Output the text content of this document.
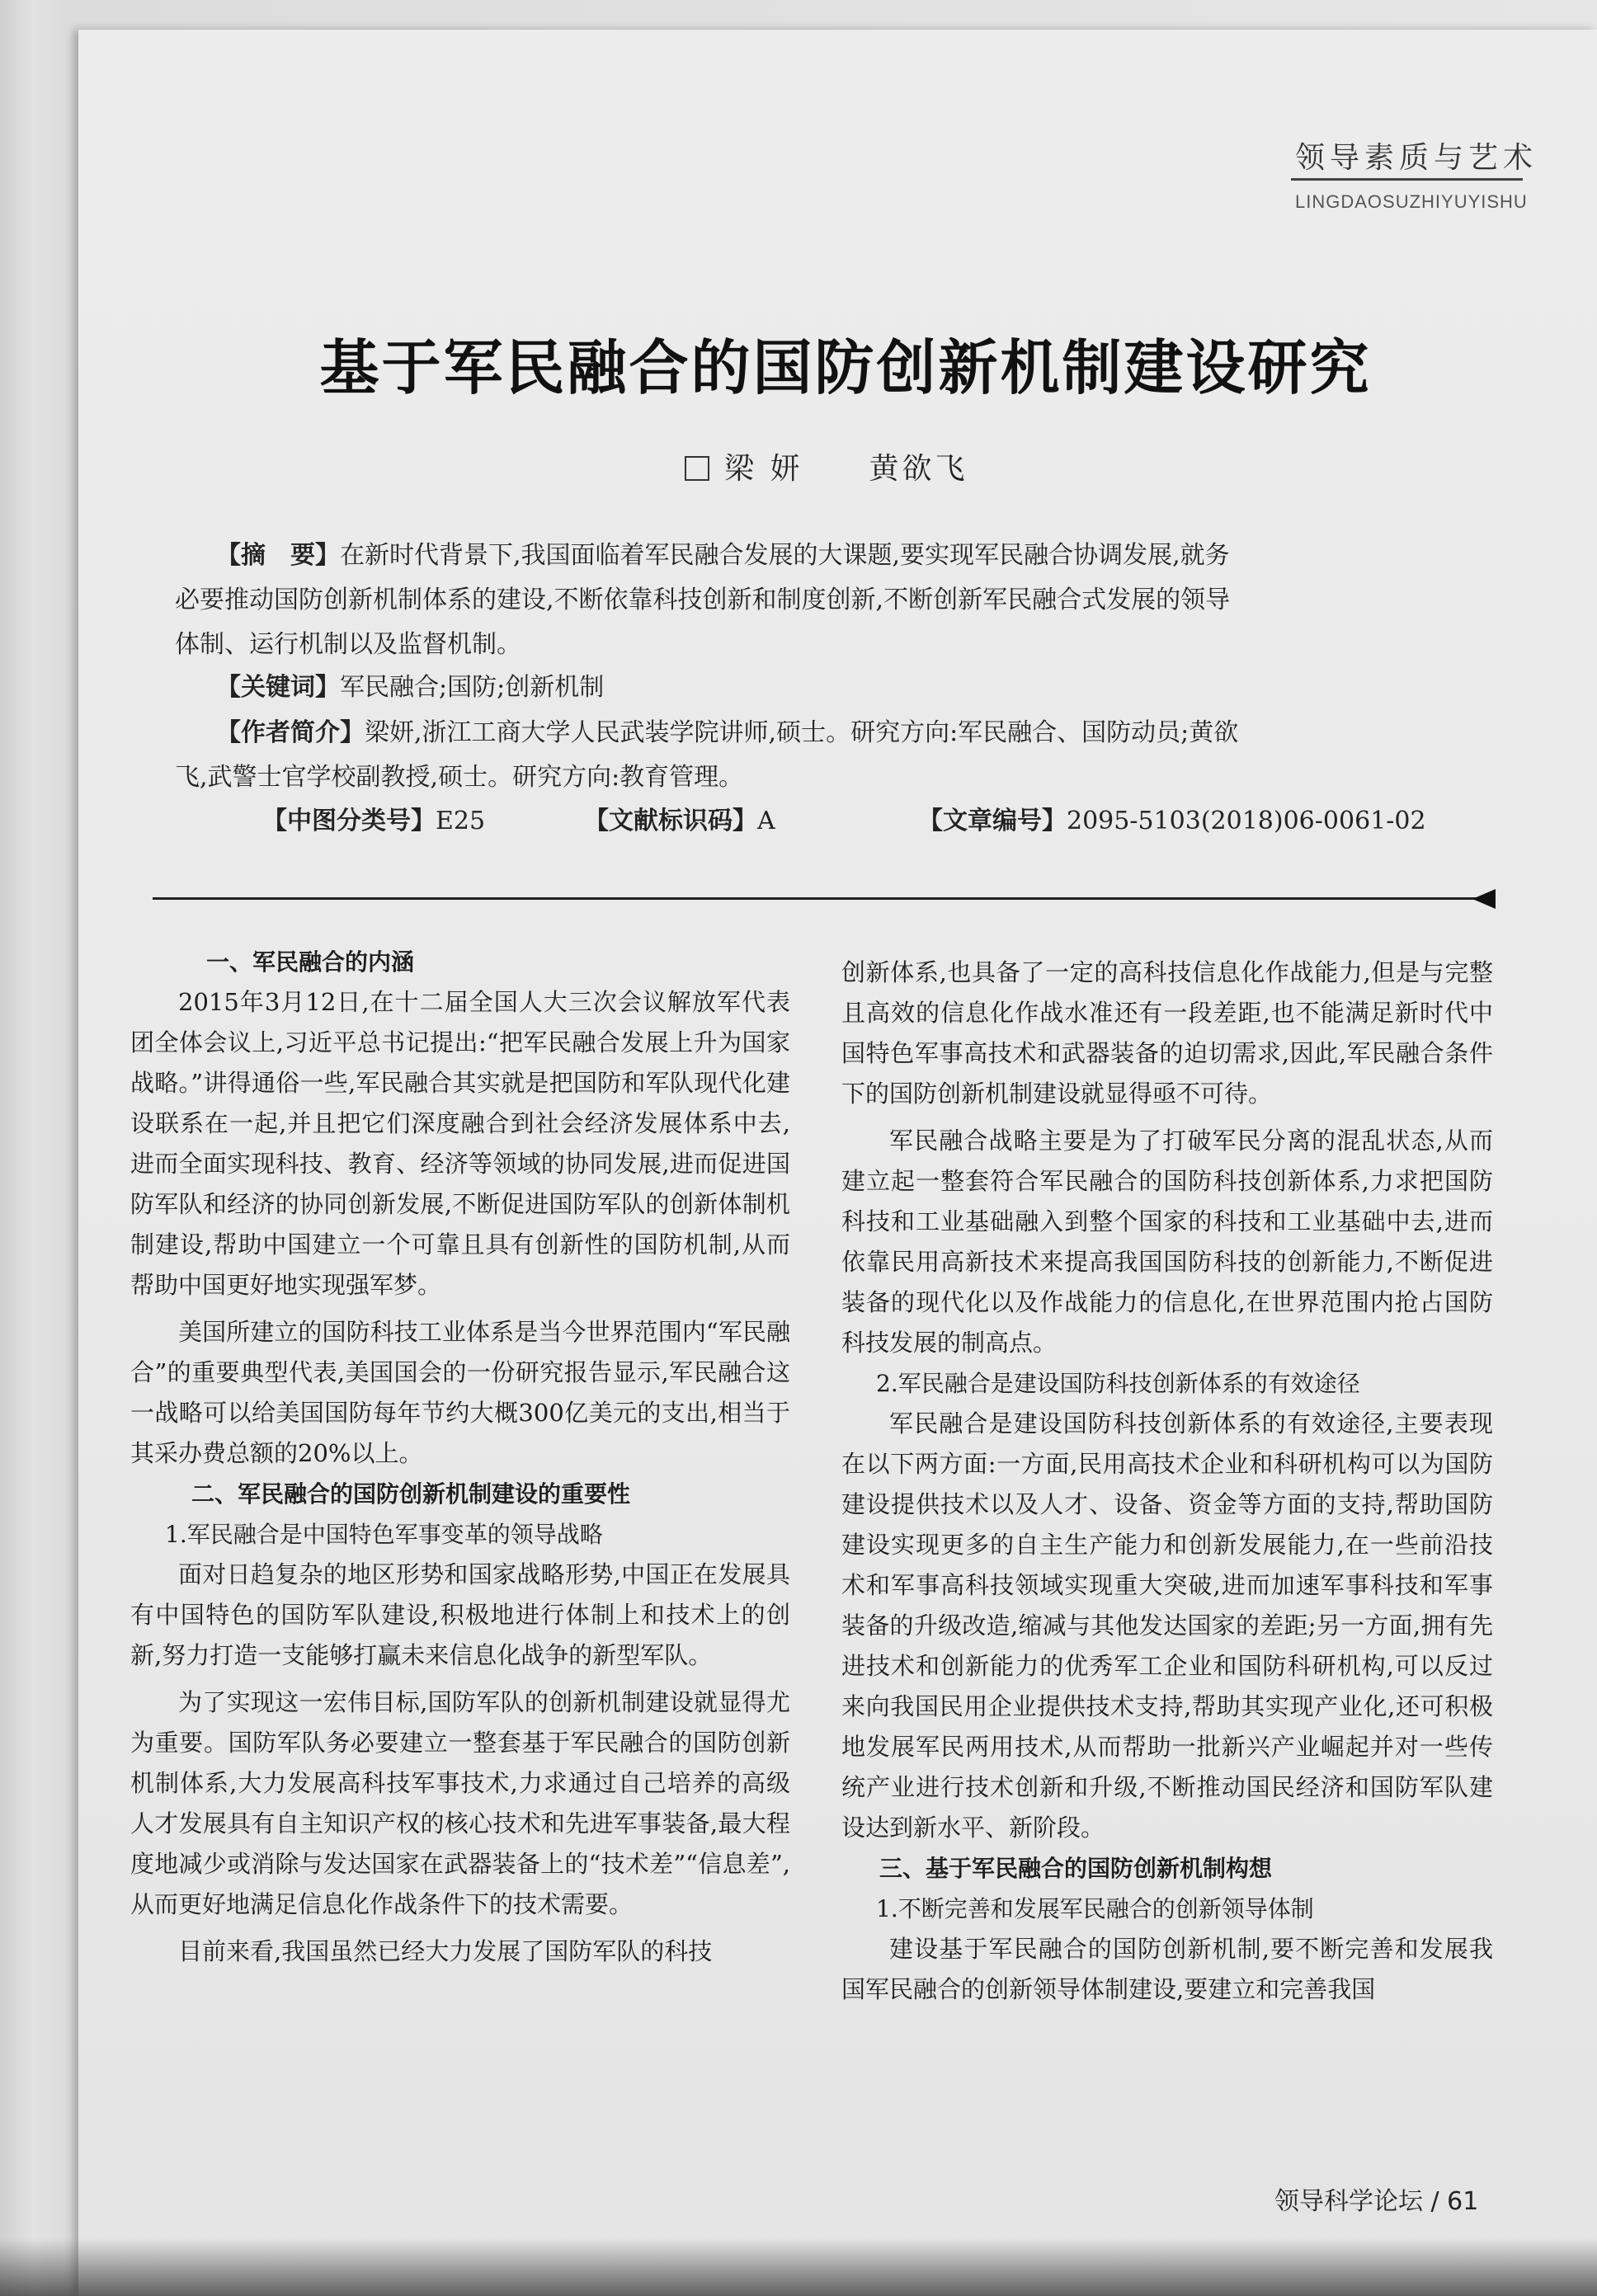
领导素质与艺术
LINGDAOSUZHIYUYISHU
基于军民融合的国防创新机制建设研究
梁 妍 黄欲飞
【摘　要】在新时代背景下,我国面临着军民融合发展的大课题,要实现军民融合协调发展,就务
必要推动国防创新机制体系的建设,不断依靠科技创新和制度创新,不断创新军民融合式发展的领导
体制、运行机制以及监督机制。
【关键词】军民融合;国防;创新机制
【作者简介】梁妍,浙江工商大学人民武装学院讲师,硕士。研究方向:军民融合、国防动员;黄欲
飞,武警士官学校副教授,硕士。研究方向:教育管理。
【中图分类号】E25	【文献标识码】A	【文章编号】2095-5103(2018)06-0061-02
一、军民融合的内涵

2015年3月12日,在十二届全国人大三次会议解放军代表团全体会议上,习近平总书记提出:“把军民融合发展上升为国家战略。”讲得通俗一些,军民融合其实就是把国防和军队现代化建设联系在一起,并且把它们深度融合到社会经济发展体系中去,进而全面实现科技、教育、经济等领域的协同发展,进而促进国防军队和经济的协同创新发展,不断促进国防军队的创新体制机制建设,帮助中国建立一个可靠且具有创新性的国防机制,从而帮助中国更好地实现强军梦。

美国所建立的国防科技工业体系是当今世界范围内“军民融合”的重要典型代表,美国国会的一份研究报告显示,军民融合这一战略可以给美国国防每年节约大概300亿美元的支出,相当于其采办费总额的20%以上。

二、军民融合的国防创新机制建设的重要性
1.军民融合是中国特色军事变革的领导战略

面对日趋复杂的地区形势和国家战略形势,中国正在发展具有中国特色的国防军队建设,积极地进行体制上和技术上的创新,努力打造一支能够打赢未来信息化战争的新型军队。

为了实现这一宏伟目标,国防军队的创新机制建设就显得尤为重要。国防军队务必要建立一整套基于军民融合的国防创新机制体系,大力发展高科技军事技术,力求通过自己培养的高级人才发展具有自主知识产权的核心技术和先进军事装备,最大程度地减少或消除与发达国家在武器装备上的“技术差”“信息差”,从而更好地满足信息化作战条件下的技术需要。

目前来看,我国虽然已经大力发展了国防军队的科技

创新体系,也具备了一定的高科技信息化作战能力,但是与完整且高效的信息化作战水准还有一段差距,也不能满足新时代中国特色军事高技术和武器装备的迫切需求,因此,军民融合条件下的国防创新机制建设就显得亟不可待。

军民融合战略主要是为了打破军民分离的混乱状态,从而建立起一整套符合军民融合的国防科技创新体系,力求把国防科技和工业基础融入到整个国家的科技和工业基础中去,进而依靠民用高新技术来提高我国国防科技的创新能力,不断促进装备的现代化以及作战能力的信息化,在世界范围内抢占国防科技发展的制高点。

2.军民融合是建设国防科技创新体系的有效途径

军民融合是建设国防科技创新体系的有效途径,主要表现在以下两方面:一方面,民用高技术企业和科研机构可以为国防建设提供技术以及人才、设备、资金等方面的支持,帮助国防建设实现更多的自主生产能力和创新发展能力,在一些前沿技术和军事高科技领域实现重大突破,进而加速军事科技和军事装备的升级改造,缩减与其他发达国家的差距;另一方面,拥有先进技术和创新能力的优秀军工企业和国防科研机构,可以反过来向我国民用企业提供技术支持,帮助其实现产业化,还可积极地发展军民两用技术,从而帮助一批新兴产业崛起并对一些传统产业进行技术创新和升级,不断推动国民经济和国防军队建设达到新水平、新阶段。

三、基于军民融合的国防创新机制构想
1.不断完善和发展军民融合的创新领导体制

建设基于军民融合的国防创新机制,要不断完善和发展我国军民融合的创新领导体制建设,要建立和完善我国

领导科学论坛 / 61
